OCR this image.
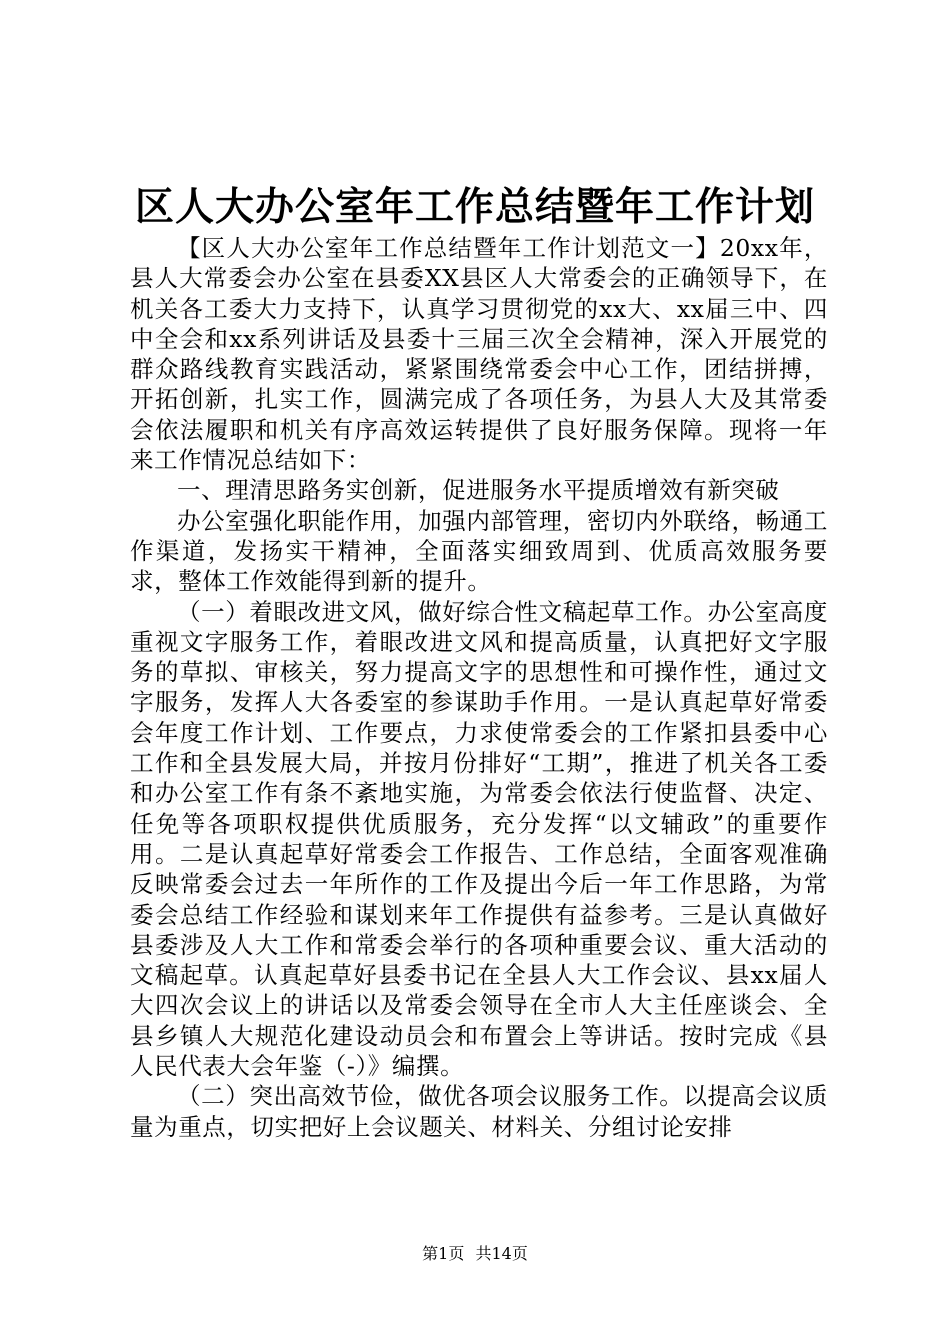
区人大办公室年工作总结暨年工作计划

【区人大办公室年工作总结暨年工作计划范文一】20xx年，县人大常委会办公室在县委XX县区人大常委会的正确领导下，在机关各工委大力支持下，认真学习贯彻党的xx大、xx届三中、四中全会和xx系列讲话及县委十三届三次全会精神，深入开展党的群众路线教育实践活动，紧紧围绕常委会中心工作，团结拼搏，开拓创新，扎实工作，圆满完成了各项任务，为县人大及其常委会依法履职和机关有序高效运转提供了良好服务保障。现将一年来工作情况总结如下：

一、理清思路务实创新，促进服务水平提质增效有新突破

办公室强化职能作用，加强内部管理，密切内外联络，畅通工作渠道，发扬实干精神，全面落实细致周到、优质高效服务要求，整体工作效能得到新的提升。

（一）着眼改进文风，做好综合性文稿起草工作。办公室高度重视文字服务工作，着眼改进文风和提高质量，认真把好文字服务的草拟、审核关，努力提高文字的思想性和可操作性，通过文字服务，发挥人大各委室的参谋助手作用。一是认真起草好常委会年度工作计划、工作要点，力求使常委会的工作紧扣县委中心工作和全县发展大局，并按月份排好“工期”，推进了机关各工委和办公室工作有条不紊地实施，为常委会依法行使监督、决定、任免等各项职权提供优质服务，充分发挥“以文辅政”的重要作用。二是认真起草好常委会工作报告、工作总结，全面客观准确反映常委会过去一年所作的工作及提出今后一年工作思路，为常委会总结工作经验和谋划来年工作提供有益参考。三是认真做好县委涉及人大工作和常委会举行的各项种重要会议、重大活动的文稿起草。认真起草好县委书记在全县人大工作会议、县xx届人大四次会议上的讲话以及常委会领导在全市人大主任座谈会、全县乡镇人大规范化建设动员会和布置会上等讲话。按时完成《县人民代表大会年鉴（-）》编撰。

（二）突出高效节俭，做优各项会议服务工作。以提高会议质量为重点，切实把好上会议题关、材料关、分组讨论安排

第1页 共14页
